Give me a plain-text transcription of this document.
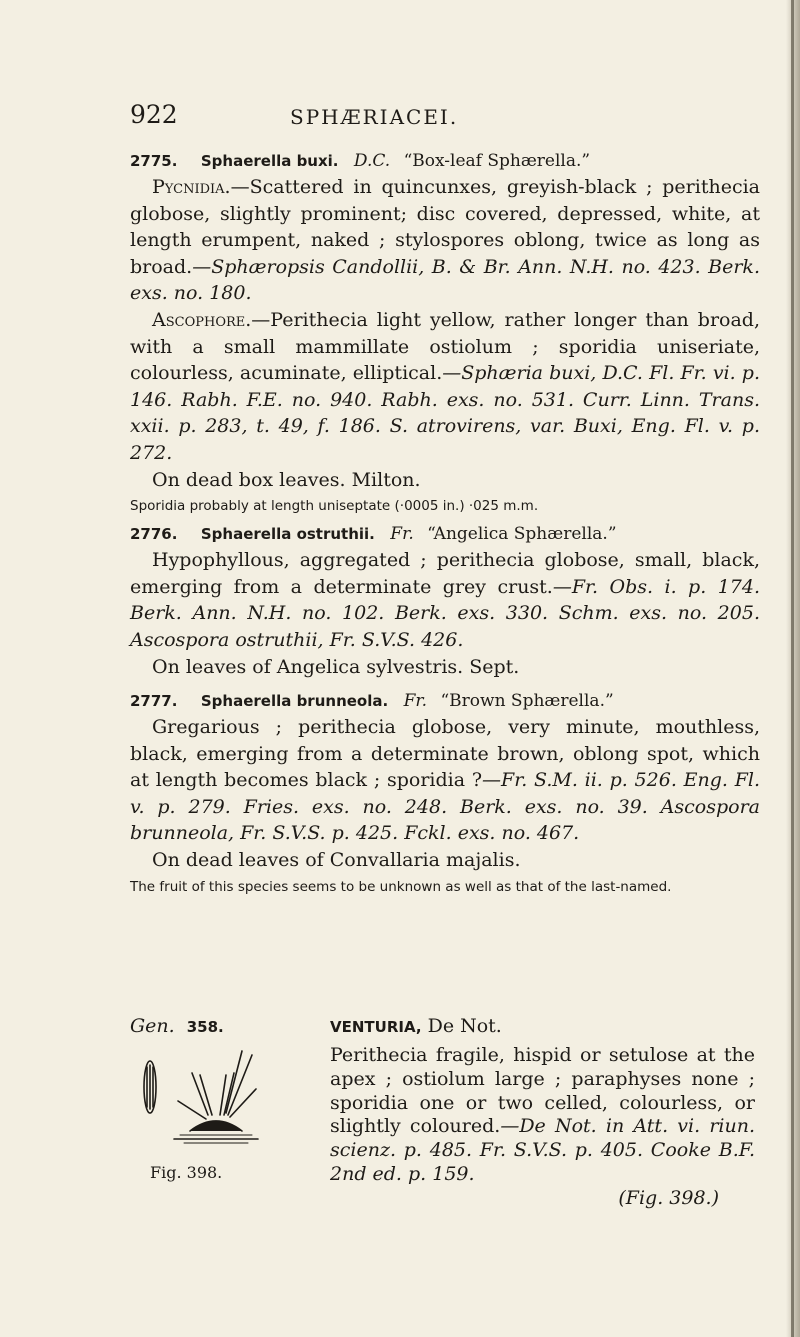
922	SPHÆRIACEI.
2775. Sphaerella buxi. D.C. “Box-leaf Sphærella.”

Pycnidia.—Scattered in quincunxes, greyish-black ; perithecia globose, slightly prominent; disc covered, depressed, white, at length erumpent, naked ; stylospores oblong, twice as long as broad.—Sphæropsis Candollii, B. & Br. Ann. N.H. no. 423. Berk. exs. no. 180.

Ascophore.—Perithecia light yellow, rather longer than broad, with a small mammillate ostiolum ; sporidia uniseriate, colourless, acuminate, elliptical.—Sphæria buxi, D.C. Fl. Fr. vi. p. 146. Rabh. F.E. no. 940. Rabh. exs. no. 531. Curr. Linn. Trans. xxii. p. 283, t. 49, f. 186. S. atrovirens, var. Buxi, Eng. Fl. v. p. 272.

On dead box leaves. Milton.

Sporidia probably at length uniseptate (·0005 in.) ·025 m.m.
2776. Sphaerella ostruthii. Fr. “Angelica Sphærella.”

Hypophyllous, aggregated ; perithecia globose, small, black, emerging from a determinate grey crust.—Fr. Obs. i. p. 174. Berk. Ann. N.H. no. 102. Berk. exs. 330. Schm. exs. no. 205. Ascospora ostruthii, Fr. S.V.S. 426.

On leaves of Angelica sylvestris. Sept.

2777. Sphaerella brunneola. Fr. “Brown Sphærella.”

Gregarious ; perithecia globose, very minute, mouthless, black, emerging from a determinate brown, oblong spot, which at length becomes black ; sporidia ?—Fr. S.M. ii. p. 526. Eng. Fl. v. p. 279. Fries. exs. no. 248. Berk. exs. no. 39. Ascospora brunneola, Fr. S.V.S. p. 425. Fckl. exs. no. 467.

On dead leaves of Convallaria majalis.

The fruit of this species seems to be unknown as well as that of the last-named.
Gen. 358.	VENTURIA, De Not.
Fig. 398.

Perithecia fragile, hispid or setulose at the apex ; ostiolum large ; paraphyses none ; sporidia one or two celled, colourless, or slightly coloured.—De Not. in Att. vi. riun. scienz. p. 485. Fr. S.V.S. p. 405. Cooke B.F. 2nd ed. p. 159.

(Fig. 398.)
